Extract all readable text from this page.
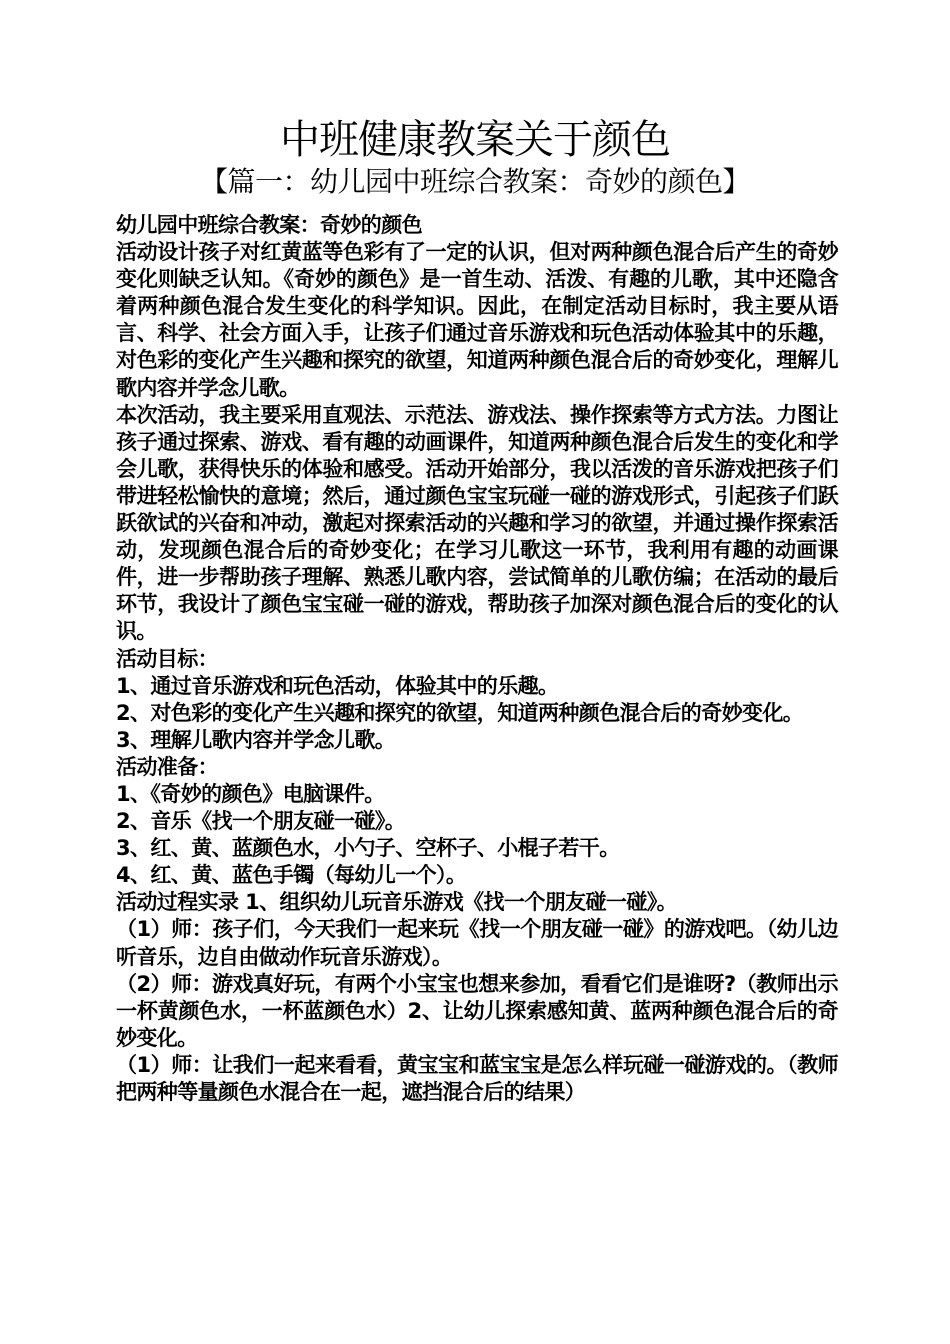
中班健康教案关于颜色
【篇一：幼儿园中班综合教案：奇妙的颜色】

幼儿园中班综合教案：奇妙的颜色

活动设计孩子对红黄蓝等色彩有了一定的认识，但对两种颜色混合后产生的奇妙变化则缺乏认知。《奇妙的颜色》是一首生动、活泼、有趣的儿歌，其中还隐含着两种颜色混合发生变化的科学知识。因此，在制定活动目标时，我主要从语言、科学、社会方面入手，让孩子们通过音乐游戏和玩色活动体验其中的乐趣，对色彩的变化产生兴趣和探究的欲望，知道两种颜色混合后的奇妙变化，理解儿歌内容并学念儿歌。

本次活动，我主要采用直观法、示范法、游戏法、操作探索等方式方法。力图让孩子通过探索、游戏、看有趣的动画课件，知道两种颜色混合后发生的变化和学会儿歌，获得快乐的体验和感受。活动开始部分，我以活泼的音乐游戏把孩子们带进轻松愉快的意境；然后，通过颜色宝宝玩碰一碰的游戏形式，引起孩子们跃跃欲试的兴奋和冲动，激起对探索活动的兴趣和学习的欲望，并通过操作探索活动，发现颜色混合后的奇妙变化；在学习儿歌这一环节，我利用有趣的动画课件，进一步帮助孩子理解、熟悉儿歌内容，尝试简单的儿歌仿编；在活动的最后环节，我设计了颜色宝宝碰一碰的游戏，帮助孩子加深对颜色混合后的变化的认识。

活动目标：

1、通过音乐游戏和玩色活动，体验其中的乐趣。

2、对色彩的变化产生兴趣和探究的欲望，知道两种颜色混合后的奇妙变化。

3、理解儿歌内容并学念儿歌。

活动准备：

1、《奇妙的颜色》电脑课件。

2、音乐《找一个朋友碰一碰》。

3、红、黄、蓝颜色水，小勺子、空杯子、小棍子若干。

4、红、黄、蓝色手镯（每幼儿一个）。

活动过程实录 1、组织幼儿玩音乐游戏《找一个朋友碰一碰》。

（1）师：孩子们，今天我们一起来玩《找一个朋友碰一碰》的游戏吧。（幼儿边听音乐，边自由做动作玩音乐游戏）。

（2）师：游戏真好玩，有两个小宝宝也想来参加，看看它们是谁呀?（教师出示一杯黄颜色水，一杯蓝颜色水）2、让幼儿探索感知黄、蓝两种颜色混合后的奇妙变化。

（1）师：让我们一起来看看，黄宝宝和蓝宝宝是怎么样玩碰一碰游戏的。（教师把两种等量颜色水混合在一起，遮挡混合后的结果）
